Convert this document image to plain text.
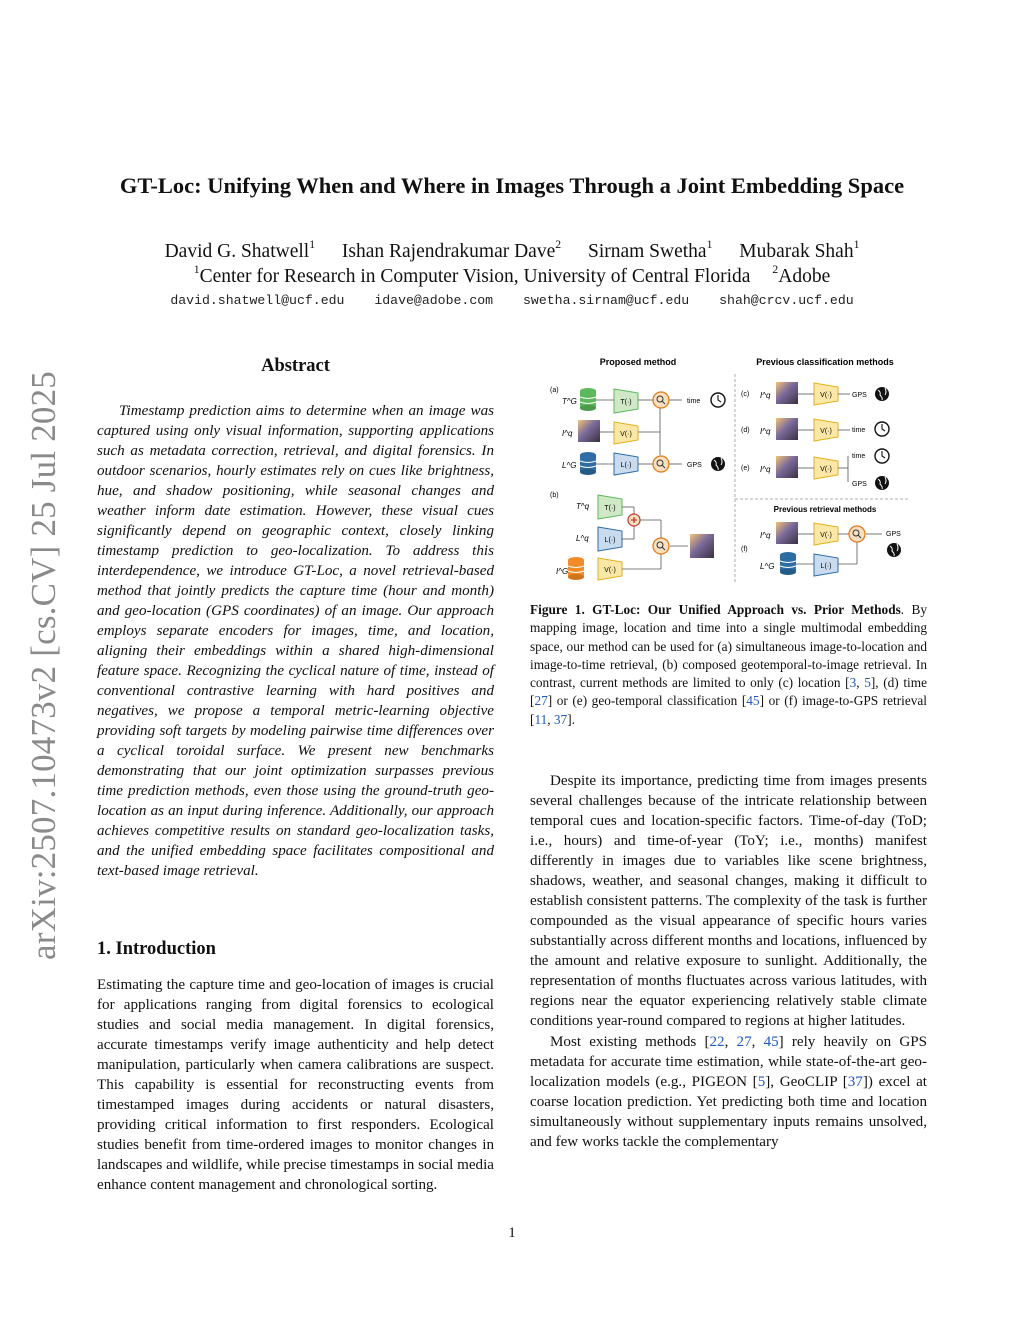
arXiv:2507.10473v2 [cs.CV] 25 Jul 2025
GT-Loc: Unifying When and Where in Images Through a Joint Embedding Space
David G. Shatwell$^1$ Ishan Rajendrakumar Dave$^2$ Sirnam Swetha$^1$ Mubarak Shah$^1$
$^1$Center for Research in Computer Vision, University of Central Florida $^2$Adobe
david.shatwell@ucf.edu idave@adobe.com swetha.sirnam@ucf.edu shah@crcv.ucf.edu
Abstract

Timestamp prediction aims to determine when an image was captured using only visual information, supporting applications such as metadata correction, retrieval, and digital forensics. In outdoor scenarios, hourly estimates rely on cues like brightness, hue, and shadow positioning, while seasonal changes and weather inform date estimation. However, these visual cues significantly depend on geographic context, closely linking timestamp prediction to geo-localization. To address this interdependence, we introduce GT-Loc, a novel retrieval-based method that jointly predicts the capture time (hour and month) and geo-location (GPS coordinates) of an image. Our approach employs separate encoders for images, time, and location, aligning their embeddings within a shared high-dimensional feature space. Recognizing the cyclical nature of time, instead of conventional contrastive learning with hard positives and negatives, we propose a temporal metric-learning objective providing soft targets by modeling pairwise time differences over a cyclical toroidal surface. We present new benchmarks demonstrating that our joint optimization surpasses previous time prediction methods, even those using the ground-truth geo-location as an input during inference. Additionally, our approach achieves competitive results on standard geo-localization tasks, and the unified embedding space facilitates compositional and text-based image retrieval.

1. Introduction

Estimating the capture time and geo-location of images is crucial for applications ranging from digital forensics to ecological studies and social media management. In digital forensics, accurate timestamps verify image authenticity and help detect manipulation, particularly when camera calibrations are suspect. This capability is essential for reconstructing events from timestamped images during accidents or natural disasters, providing critical information to first responders. Ecological studies benefit from time-ordered images to monitor changes in landscapes and wildlife, while precise timestamps in social media enhance content management and chronological sorting.

Proposed method	Previous classification methods
(a)
T^G	T(·)
I^q	V(·)
L^G	L(·)
time
GPS
(b)
T^q T(·)
L^q L(·)
I^G	V(·)
(c) I^q	V(·)	GPS
(d) I^q	V(·)	time
(e) I^q	V(·)
time
GPS
Previous retrieval methods
(f)
I^q	V(·)
L^G	L(·)
GPS

Figure 1. GT-Loc: Our Unified Approach vs. Prior Methods. By mapping image, location and time into a single multimodal embedding space, our method can be used for (a) simultaneous image-to-location and image-to-time retrieval, (b) composed geotemporal-to-image retrieval. In contrast, current methods are limited to only (c) location [3, 5], (d) time [27] or (e) geo-temporal classification [45] or (f) image-to-GPS retrieval [11, 37].

Despite its importance, predicting time from images presents several challenges because of the intricate relationship between temporal cues and location-specific factors. Time-of-day (ToD; i.e., hours) and time-of-year (ToY; i.e., months) manifest differently in images due to variables like scene brightness, shadows, weather, and seasonal changes, making it difficult to establish consistent patterns. The complexity of the task is further compounded as the visual appearance of specific hours varies substantially across different months and locations, influenced by the amount and relative exposure to sunlight. Additionally, the representation of months fluctuates across various latitudes, with regions near the equator experiencing relatively stable climate conditions year-round compared to regions at higher latitudes.

Most existing methods [22, 27, 45] rely heavily on GPS metadata for accurate time estimation, while state-of-the-art geo-localization models (e.g., PIGEON [5], GeoCLIP [37]) excel at coarse location prediction. Yet predicting both time and location simultaneously without supplementary inputs remains unsolved, and few works tackle the complementary

1
